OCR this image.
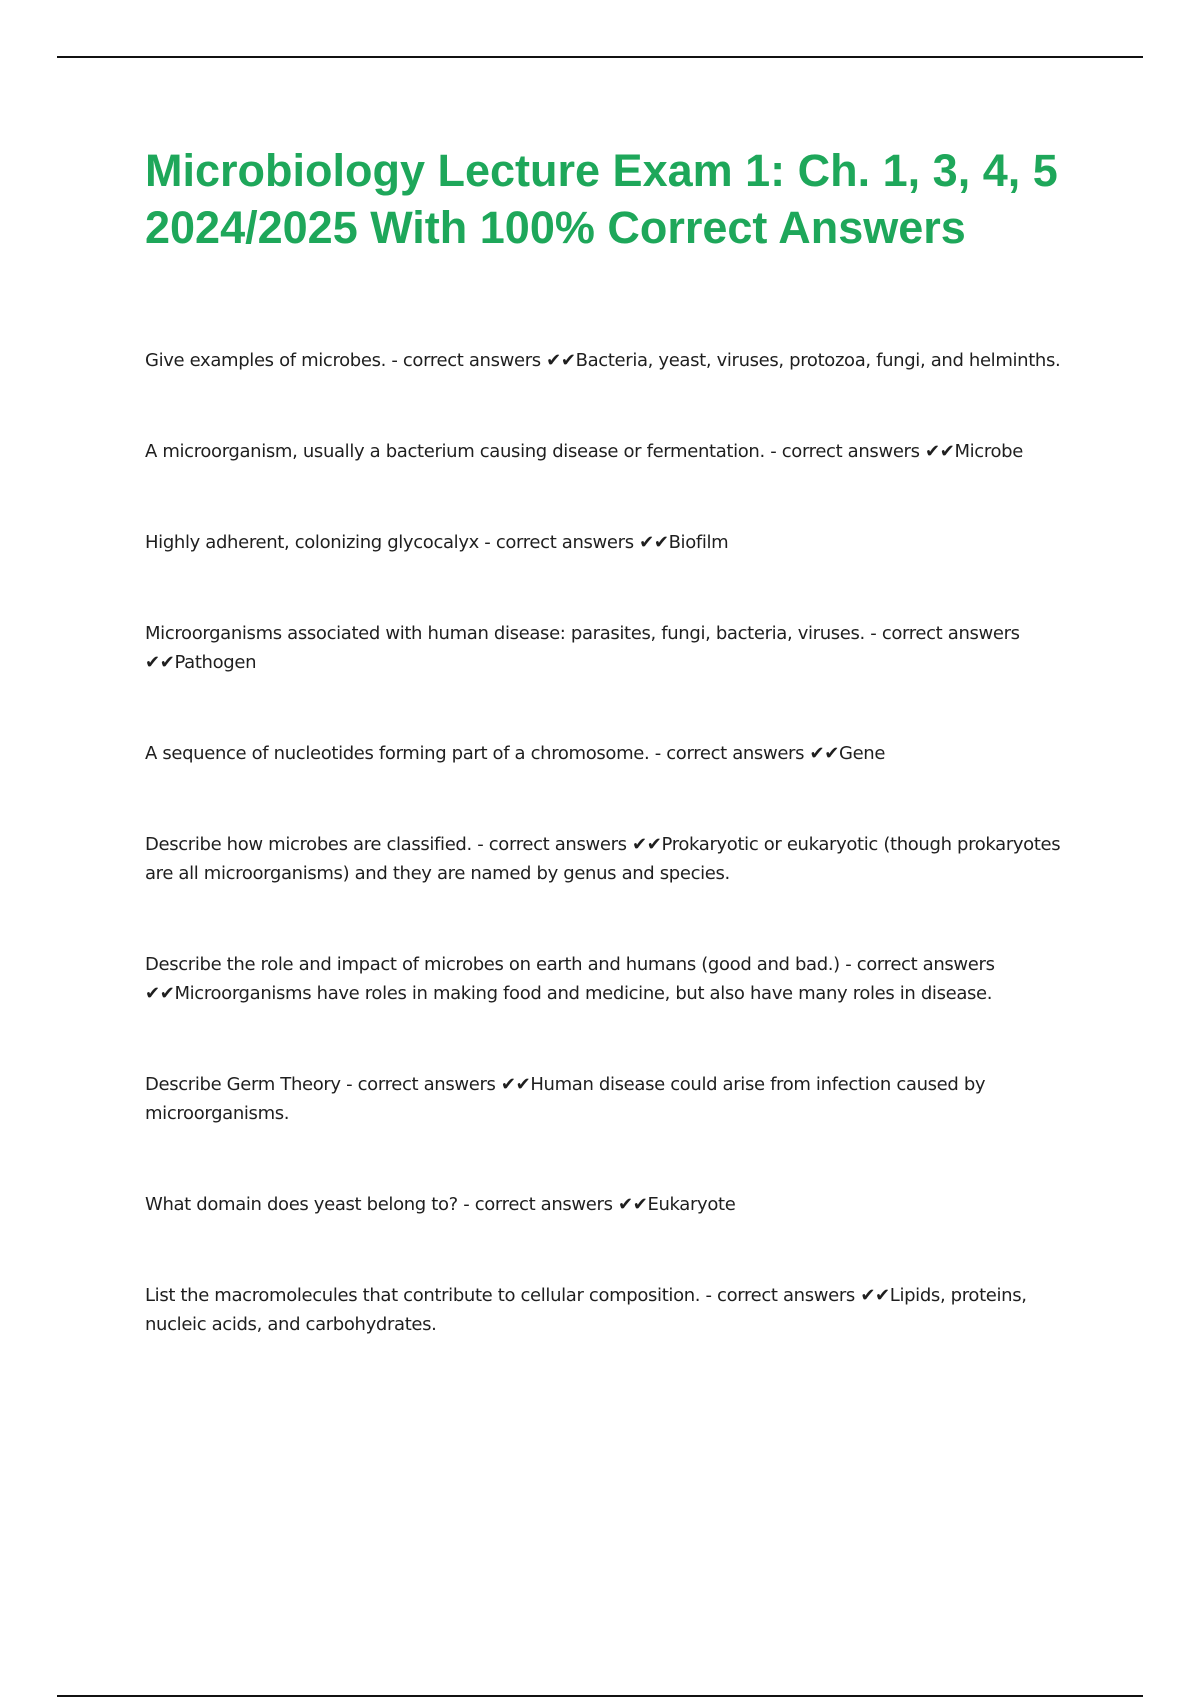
Microbiology Lecture Exam 1: Ch. 1, 3, 4, 5 2024/2025 With 100% Correct Answers
Give examples of microbes. - correct answers ✔✔Bacteria, yeast, viruses, protozoa, fungi, and helminths.
A microorganism, usually a bacterium causing disease or fermentation. - correct answers ✔✔Microbe
Highly adherent, colonizing glycocalyx - correct answers ✔✔Biofilm
Microorganisms associated with human disease: parasites, fungi, bacteria, viruses. - correct answers ✔✔Pathogen
A sequence of nucleotides forming part of a chromosome. - correct answers ✔✔Gene
Describe how microbes are classified. - correct answers ✔✔Prokaryotic or eukaryotic (though prokaryotes are all microorganisms) and they are named by genus and species.
Describe the role and impact of microbes on earth and humans (good and bad.) - correct answers ✔✔Microorganisms have roles in making food and medicine, but also have many roles in disease.
Describe Germ Theory - correct answers ✔✔Human disease could arise from infection caused by microorganisms.
What domain does yeast belong to? - correct answers ✔✔Eukaryote
List the macromolecules that contribute to cellular composition. - correct answers ✔✔Lipids, proteins, nucleic acids, and carbohydrates.
